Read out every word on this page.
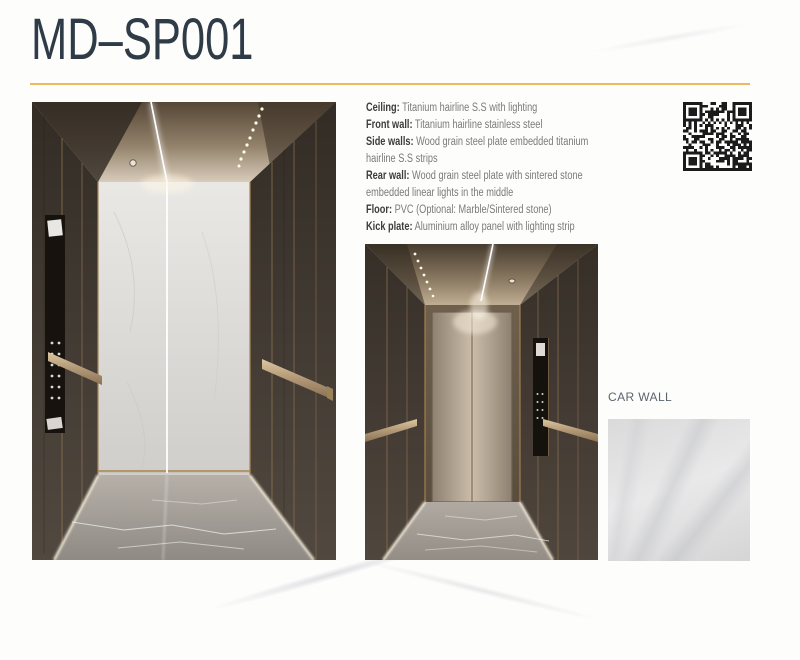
MD–SP001

Ceiling: Titanium hairline S.S with lighting

Front wall: Titanium hairline stainless steel

Side walls: Wood grain steel plate embedded titanium hairline S.S strips

Rear wall: Wood grain steel plate with sintered stone embedded linear lights in the middle

Floor: PVC (Optional: Marble/Sintered stone)

Kick plate: Aluminium alloy panel with lighting strip

CAR WALL
